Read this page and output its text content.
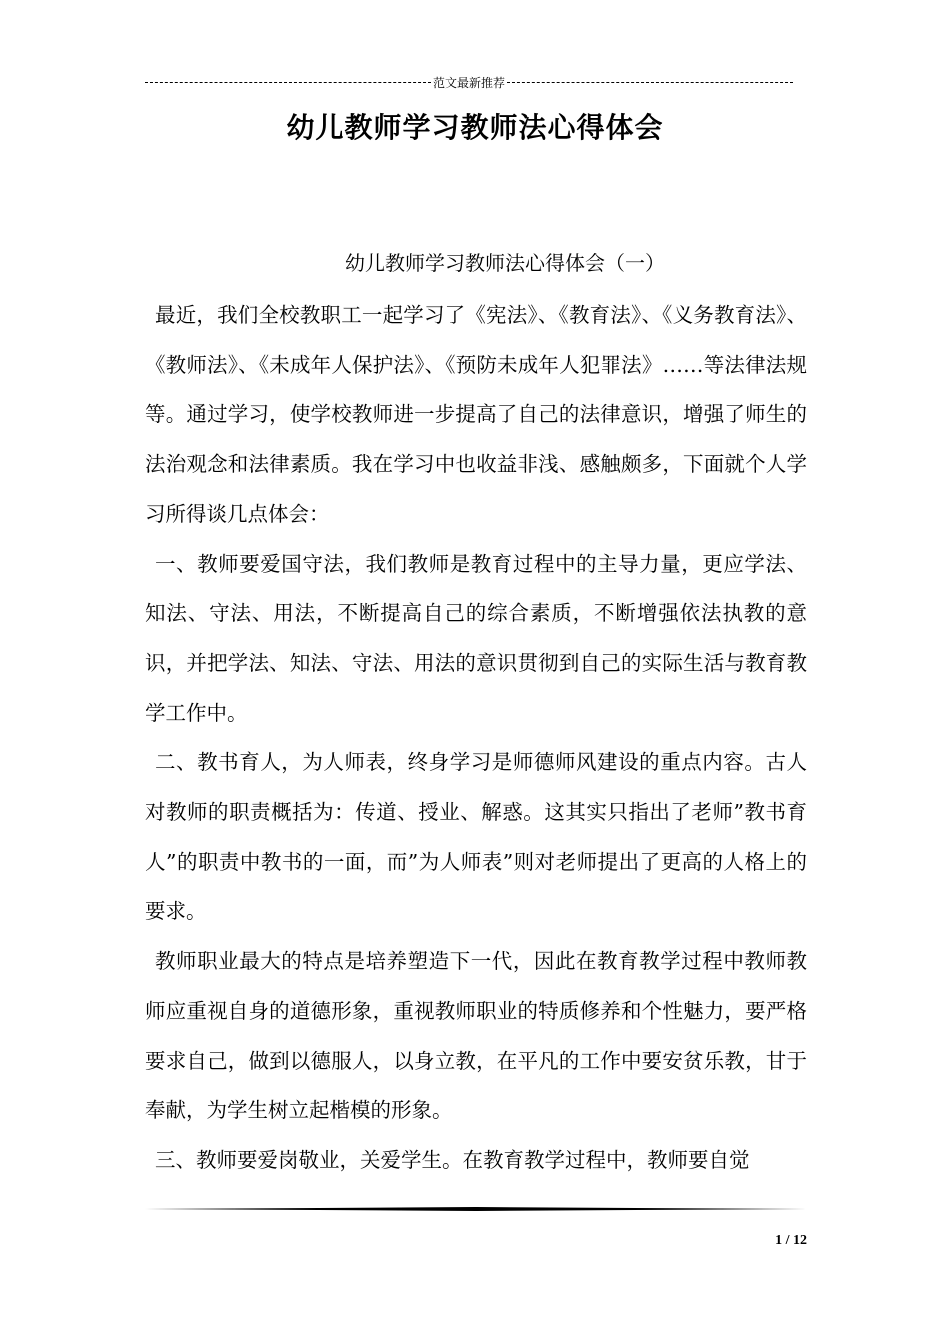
范文最新推荐
幼儿教师学习教师法心得体会
幼儿教师学习教师法心得体会（一）

最近，我们全校教职工一起学习了《宪法》、《教育法》、《义务教育法》、《教师法》、《未成年人保护法》、《预防未成年人犯罪法》……等法律法规等。通过学习，使学校教师进一步提高了自己的法律意识，增强了师生的法治观念和法律素质。我在学习中也收益非浅、感触颇多，下面就个人学习所得谈几点体会：

一、教师要爱国守法，我们教师是教育过程中的主导力量，更应学法、知法、守法、用法，不断提高自己的综合素质，不断增强依法执教的意识，并把学法、知法、守法、用法的意识贯彻到自己的实际生活与教育教学工作中。

二、教书育人，为人师表，终身学习是师德师风建设的重点内容。古人对教师的职责概括为：传道、授业、解惑。这其实只指出了老师”教书育人”的职责中教书的一面，而”为人师表”则对老师提出了更高的人格上的要求。

教师职业最大的特点是培养塑造下一代，因此在教育教学过程中教师教师应重视自身的道德形象，重视教师职业的特质修养和个性魅力，要严格要求自己，做到以德服人，以身立教，在平凡的工作中要安贫乐教，甘于奉献，为学生树立起楷模的形象。

三、教师要爱岗敬业，关爱学生。在教育教学过程中，教师要自觉

1 / 12
